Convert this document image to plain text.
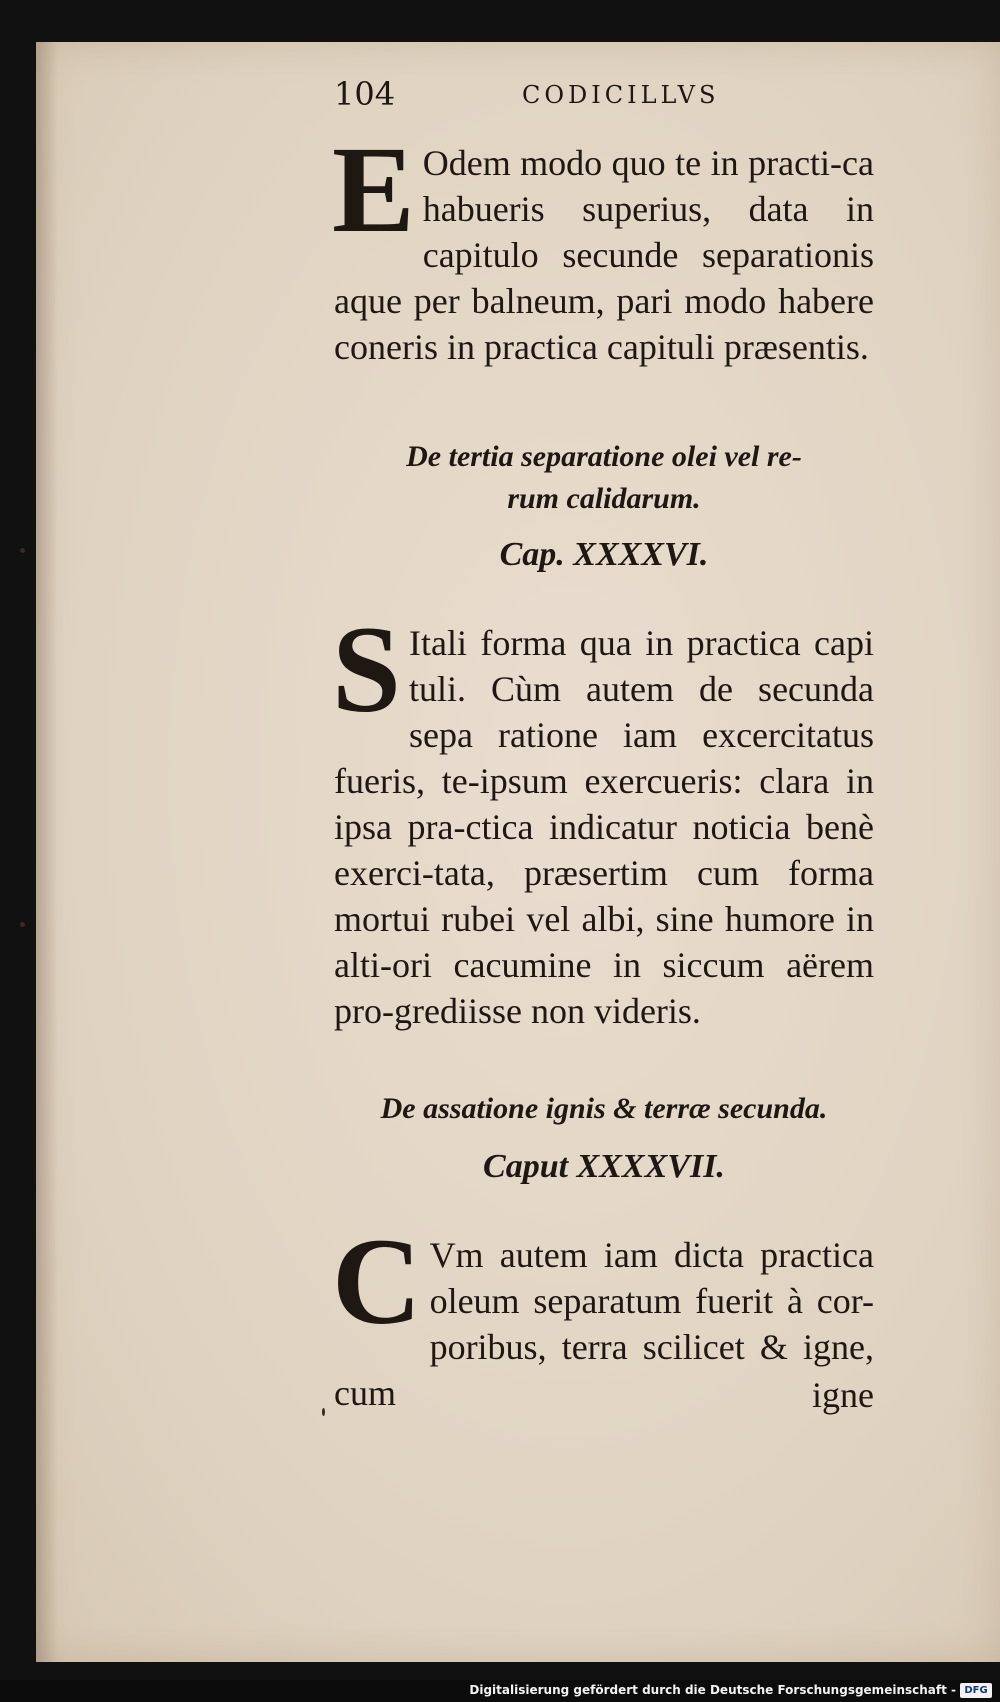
104	CODICILLVS
E Odem modo quo te in practi-ca habueris superius, data in capitulo secunde separationis aque per balneum, pari modo habere coneris in practica capituli præsentis.
De tertia separatione olei vel re-
rum calidarum.
Cap. XXXXVI.
S Itali forma qua in practica capi tuli. Cùm autem de secunda sepa ratione iam excercitatus fueris, te-ipsum exercueris: clara in ipsa pra-ctica indicatur noticia benè exerci-tata, præsertim cum forma mortui rubei vel albi, sine humore in alti-ori cacumine in siccum aërem pro-grediisse non videris.
De assatione ignis & terræ secunda.
Caput XXXXVII.
C Vm autem iam dicta practica oleum separatum fuerit à cor-poribus, terra scilicet & igne, cum	igne
Digitalisierung gefördert durch die Deutsche Forschungsgemeinschaft - DFG
